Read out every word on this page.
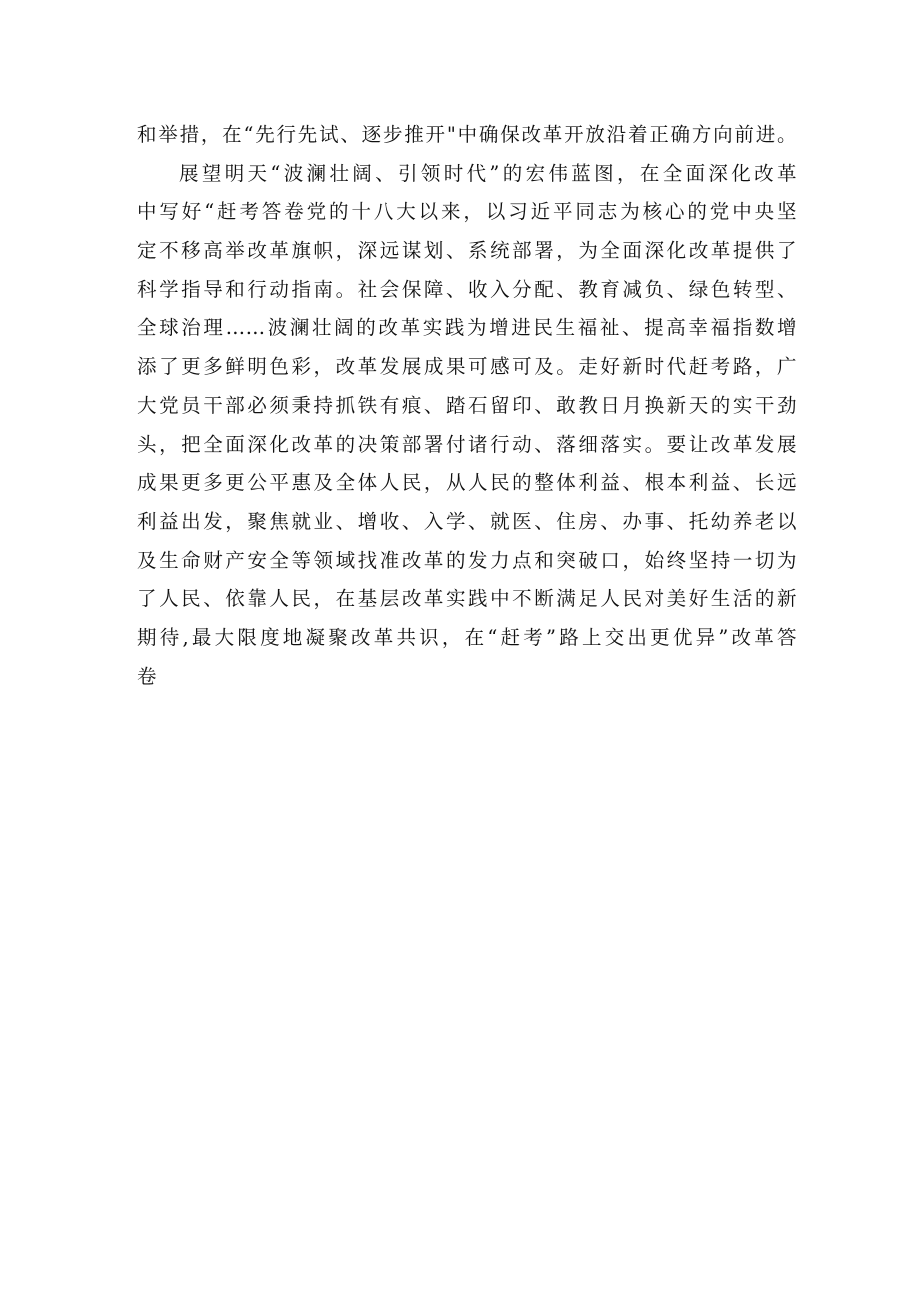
和举措，在“先行先试、逐步推开"中确保改革开放沿着正确方向前进。
展望明天“波澜壮阔、引领时代”的宏伟蓝图，在全面深化改革
中写好“赶考答卷党的十八大以来，以习近平同志为核心的党中央坚
定不移高举改革旗帜，深远谋划、系统部署，为全面深化改革提供了
科学指导和行动指南。社会保障、收入分配、教育减负、绿色转型、
全球治理……波澜壮阔的改革实践为增进民生福祉、提高幸福指数增
添了更多鲜明色彩，改革发展成果可感可及。走好新时代赶考路，广
大党员干部必须秉持抓铁有痕、踏石留印、敢教日月换新天的实干劲
头，把全面深化改革的决策部署付诸行动、落细落实。要让改革发展
成果更多更公平惠及全体人民，从人民的整体利益、根本利益、长远
利益出发，聚焦就业、增收、入学、就医、住房、办事、托幼养老以
及生命财产安全等领域找准改革的发力点和突破口，始终坚持一切为
了人民、依靠人民，在基层改革实践中不断满足人民对美好生活的新
期待,最大限度地凝聚改革共识，在“赶考”路上交出更优异”改革答
卷
